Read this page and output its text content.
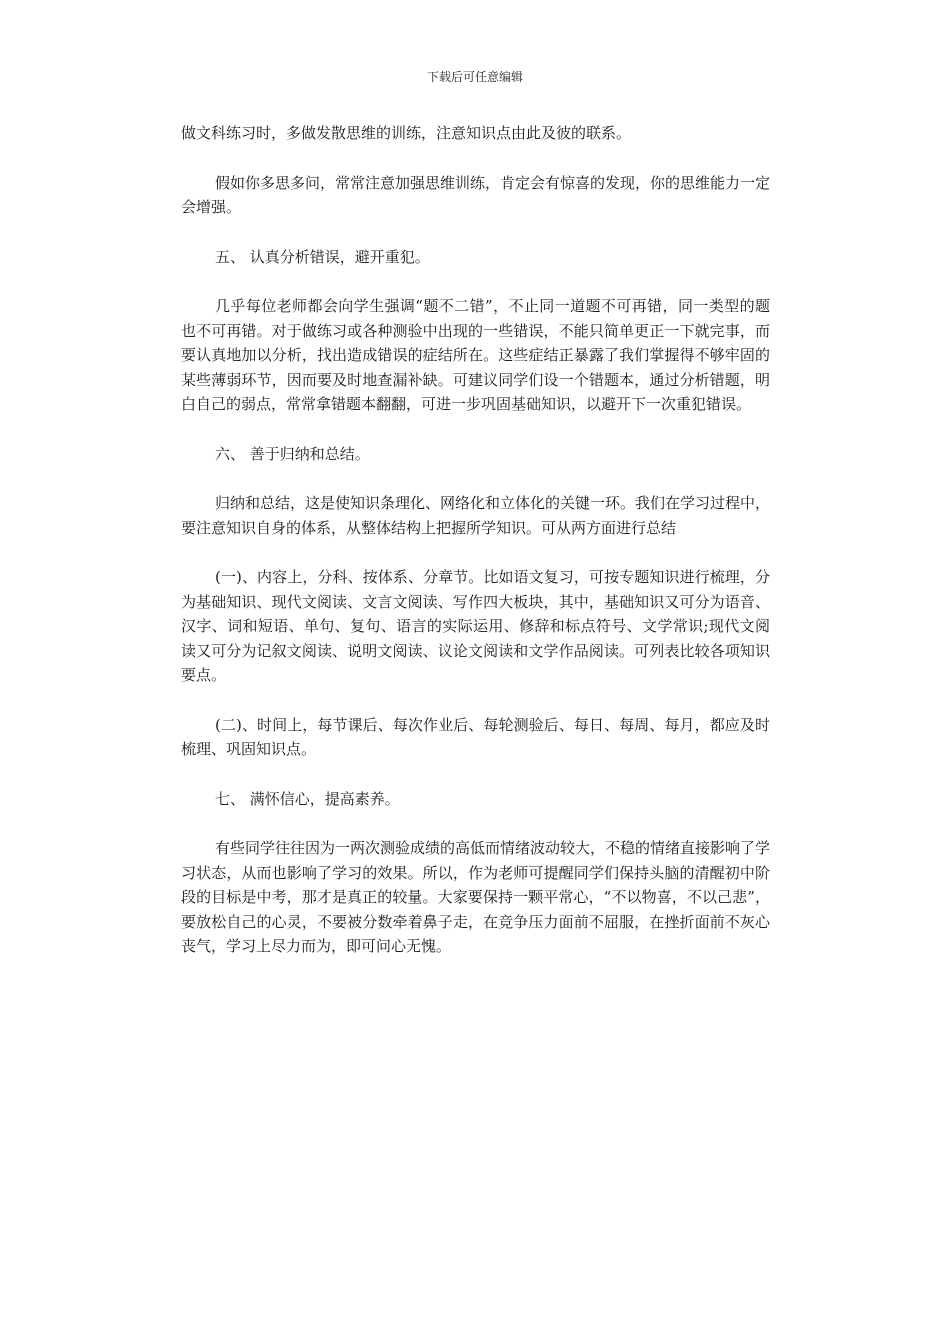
下载后可任意编辑

做文科练习时，多做发散思维的训练，注意知识点由此及彼的联系。

假如你多思多问，常常注意加强思维训练，肯定会有惊喜的发现，你的思维能力一定会增强。

五、 认真分析错误，避开重犯。

几乎每位老师都会向学生强调“题不二错”，不止同一道题不可再错，同一类型的题也不可再错。对于做练习或各种测验中出现的一些错误，不能只简单更正一下就完事，而要认真地加以分析，找出造成错误的症结所在。这些症结正暴露了我们掌握得不够牢固的某些薄弱环节，因而要及时地查漏补缺。可建议同学们设一个错题本，通过分析错题，明白自己的弱点，常常拿错题本翻翻，可进一步巩固基础知识，以避开下一次重犯错误。

六、 善于归纳和总结。

归纳和总结，这是使知识条理化、网络化和立体化的关键一环。我们在学习过程中，要注意知识自身的体系，从整体结构上把握所学知识。可从两方面进行总结

(一)、内容上，分科、按体系、分章节。比如语文复习，可按专题知识进行梳理，分为基础知识、现代文阅读、文言文阅读、写作四大板块，其中，基础知识又可分为语音、汉字、词和短语、单句、复句、语言的实际运用、修辞和标点符号、文学常识;现代文阅读又可分为记叙文阅读、说明文阅读、议论文阅读和文学作品阅读。可列表比较各项知识要点。

(二)、时间上，每节课后、每次作业后、每轮测验后、每日、每周、每月，都应及时梳理、巩固知识点。

七、 满怀信心，提高素养。

有些同学往往因为一两次测验成绩的高低而情绪波动较大，不稳的情绪直接影响了学习状态，从而也影响了学习的效果。所以，作为老师可提醒同学们保持头脑的清醒初中阶段的目标是中考，那才是真正的较量。大家要保持一颗平常心，“不以物喜，不以己悲”，要放松自己的心灵，不要被分数牵着鼻子走，在竞争压力面前不屈服，在挫折面前不灰心丧气，学习上尽力而为，即可问心无愧。
